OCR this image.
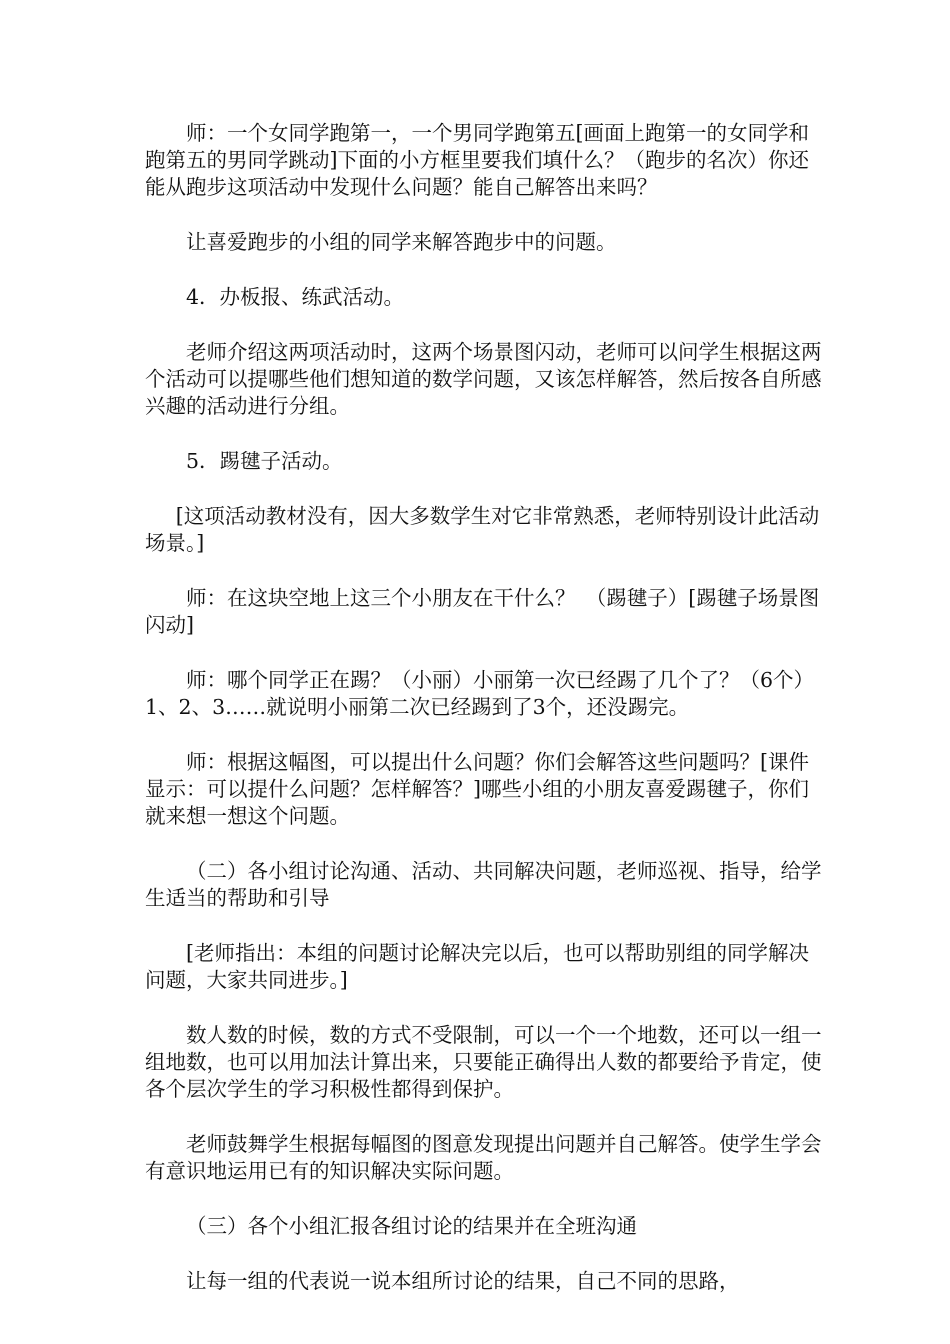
师：一个女同学跑第一，一个男同学跑第五[画面上跑第一的女同学和跑第五的男同学跳动]下面的小方框里要我们填什么？（跑步的名次）你还能从跑步这项活动中发现什么问题？能自己解答出来吗？

让喜爱跑步的小组的同学来解答跑步中的问题。

4．办板报、练武活动。

老师介绍这两项活动时，这两个场景图闪动，老师可以问学生根据这两个活动可以提哪些他们想知道的数学问题，又该怎样解答，然后按各自所感兴趣的活动进行分组。

5．踢毽子活动。

[这项活动教材没有，因大多数学生对它非常熟悉，老师特别设计此活动场景。]

师：在这块空地上这三个小朋友在干什么？　（踢毽子）[踢毽子场景图闪动]

师：哪个同学正在踢？（小丽）小丽第一次已经踢了几个了？（6个）1、2、3……就说明小丽第二次已经踢到了3个，还没踢完。

师：根据这幅图，可以提出什么问题？你们会解答这些问题吗？[课件显示：可以提什么问题？怎样解答？]哪些小组的小朋友喜爱踢毽子，你们就来想一想这个问题。

（二）各小组讨论沟通、活动、共同解决问题，老师巡视、指导，给学生适当的帮助和引导

[老师指出：本组的问题讨论解决完以后，也可以帮助别组的同学解决问题，大家共同进步。]

数人数的时候，数的方式不受限制，可以一个一个地数，还可以一组一组地数，也可以用加法计算出来，只要能正确得出人数的都要给予肯定，使各个层次学生的学习积极性都得到保护。

老师鼓舞学生根据每幅图的图意发现提出问题并自己解答。使学生学会有意识地运用已有的知识解决实际问题。

（三）各个小组汇报各组讨论的结果并在全班沟通

让每一组的代表说一说本组所讨论的结果，自己不同的思路，
